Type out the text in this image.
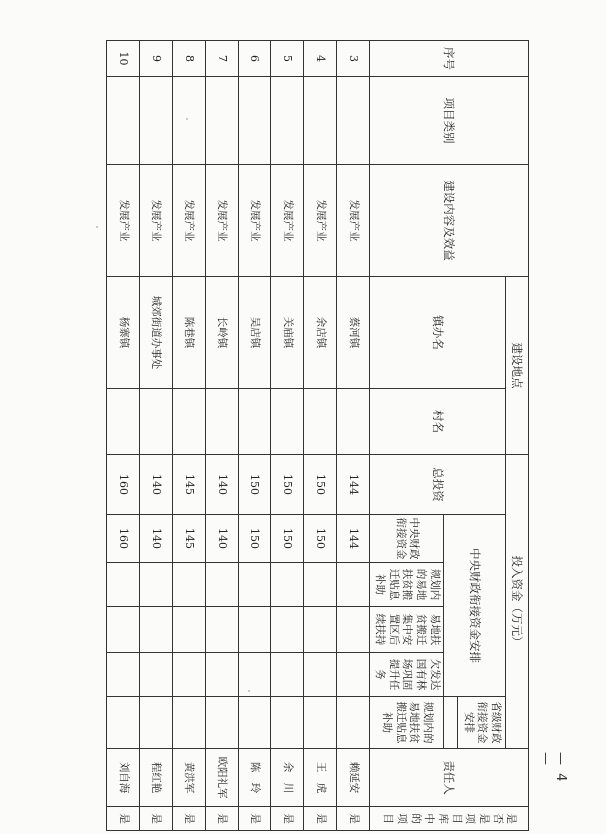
序号	项目类别	建设内容及效益	建设地点		投入资金（万元）						责任人	是否是项目库中的项目
			镇办名	村名	总投资	中央财政衔接资金安排				省级财政衔接资金安排		

						中央财政衔接资金	规划内的易地扶贫搬迁贴息补助	易地扶贫搬迁集中安置区后续扶持	欠发达国有林场巩固提升任务	规划内的易地扶贫搬迁贴息补助		
3		发展产业	蔡河镇		144	144					赖延安	是
4		发展产业	余店镇		150	150					王　虎	是
5		发展产业	关庙镇		150	150					余　川	是
6		发展产业	吴店镇		150	150					陈　玲	是
7		发展产业	长岭镇		140	140					欧阳礼军	是
8		发展产业	陈巷镇		145	145					黄洪军	是
9		发展产业	城郊街道办事处		140	140					程红艳	是
10		发展产业	杨寨镇		160	160					刘自海	是
— 4 —
